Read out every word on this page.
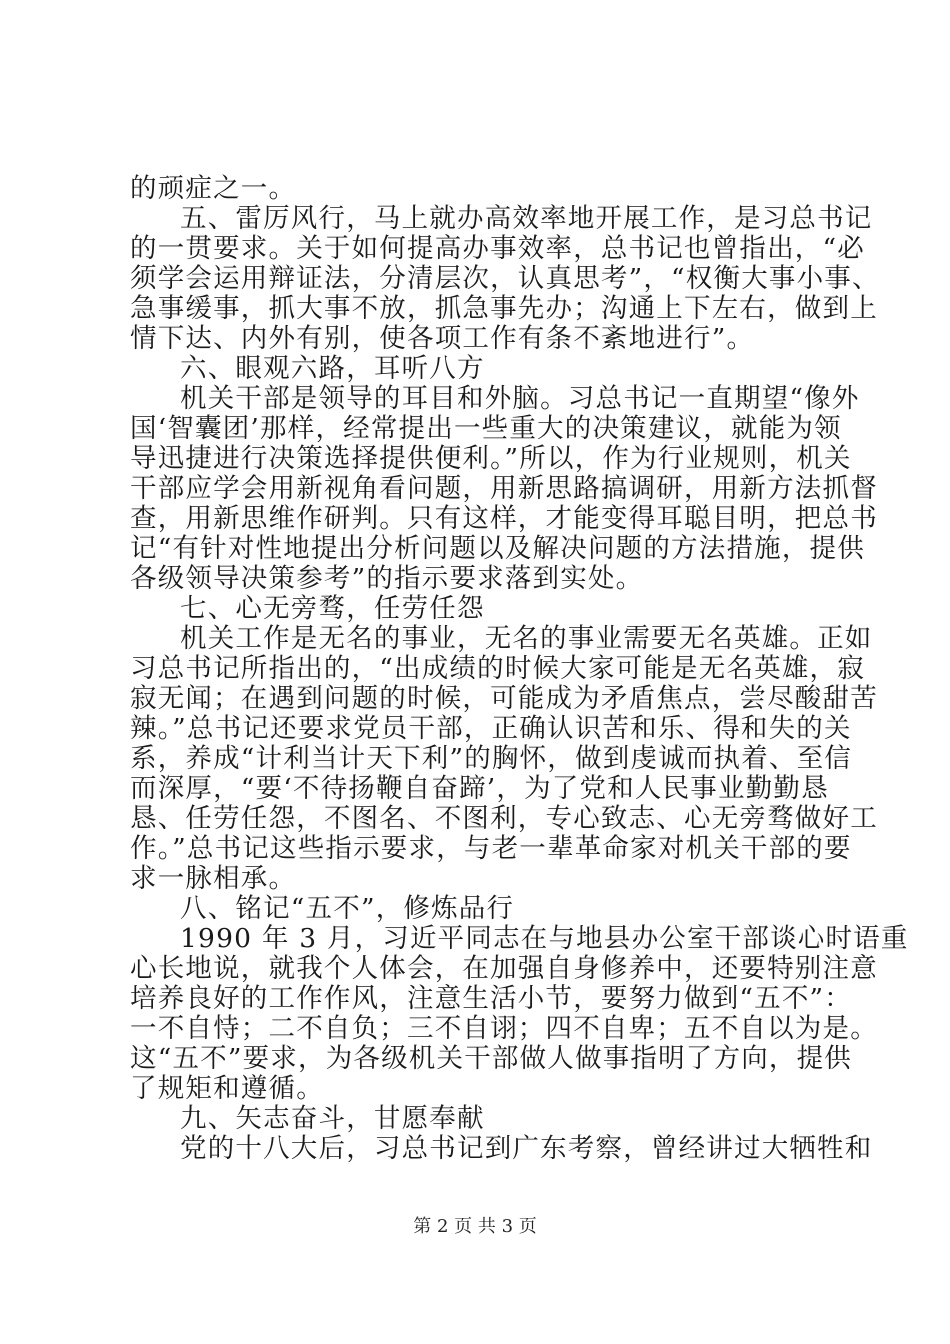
的顽症之一。
五、雷厉风行，马上就办高效率地开展工作，是习总书记
的一贯要求。关于如何提高办事效率，总书记也曾指出，“必
须学会运用辩证法，分清层次，认真思考”，“权衡大事小事、
急事缓事，抓大事不放，抓急事先办；沟通上下左右，做到上
情下达、内外有别，使各项工作有条不紊地进行”。
六、眼观六路，耳听八方
机关干部是领导的耳目和外脑。习总书记一直期望“像外
国‘智囊团’那样，经常提出一些重大的决策建议，就能为领
导迅捷进行决策选择提供便利。”所以，作为行业规则，机关
干部应学会用新视角看问题，用新思路搞调研，用新方法抓督
查，用新思维作研判。只有这样，才能变得耳聪目明，把总书
记“有针对性地提出分析问题以及解决问题的方法措施，提供
各级领导决策参考”的指示要求落到实处。
七、心无旁骛，任劳任怨
机关工作是无名的事业，无名的事业需要无名英雄。正如
习总书记所指出的，“出成绩的时候大家可能是无名英雄，寂
寂无闻；在遇到问题的时候，可能成为矛盾焦点，尝尽酸甜苦
辣。”总书记还要求党员干部，正确认识苦和乐、得和失的关
系，养成“计利当计天下利”的胸怀，做到虔诚而执着、至信
而深厚，“要‘不待扬鞭自奋蹄’，为了党和人民事业勤勤恳
恳、任劳任怨，不图名、不图利，专心致志、心无旁骛做好工
作。”总书记这些指示要求，与老一辈革命家对机关干部的要
求一脉相承。
八、铭记“五不”，修炼品行
1990 年 3 月，习近平同志在与地县办公室干部谈心时语重
心长地说，就我个人体会，在加强自身修养中，还要特别注意
培养良好的工作作风，注意生活小节，要努力做到“五不”：
一不自恃；二不自负；三不自诩；四不自卑；五不自以为是。
这“五不”要求，为各级机关干部做人做事指明了方向，提供
了规矩和遵循。
九、矢志奋斗，甘愿奉献
党的十八大后，习总书记到广东考察，曾经讲过大牺牲和
第 2 页 共 3 页
